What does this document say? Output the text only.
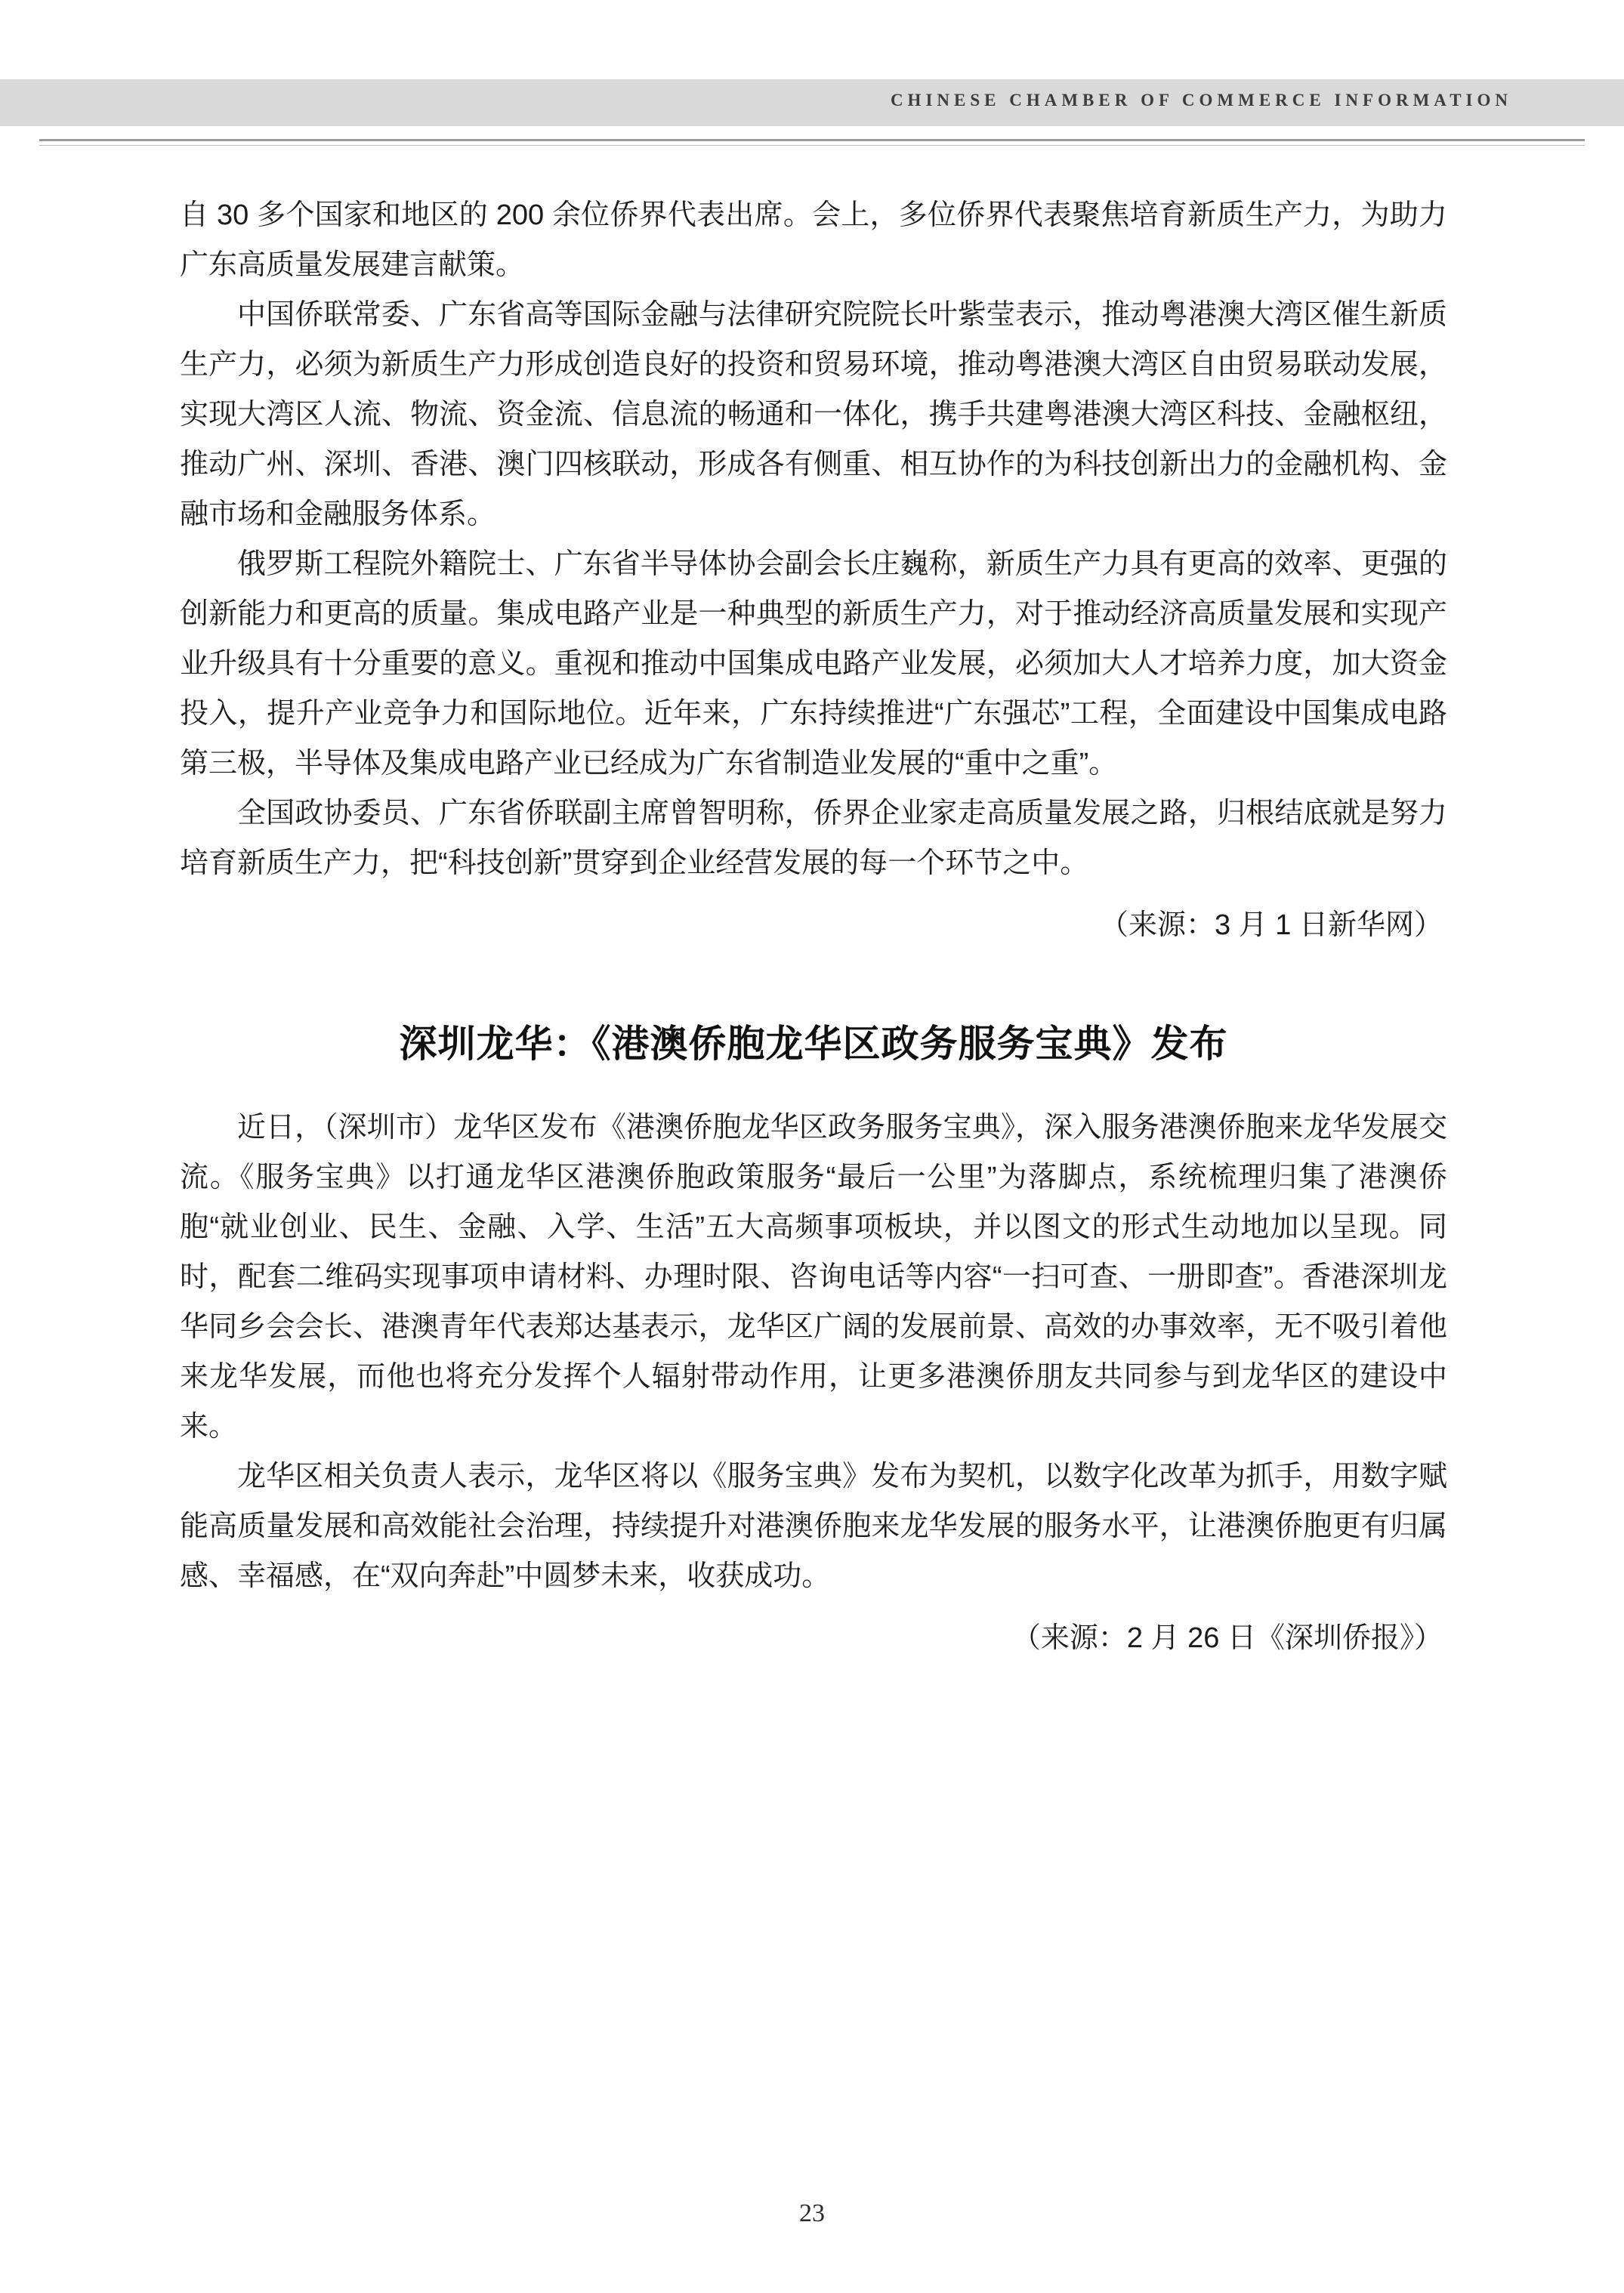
CHINESE CHAMBER OF COMMERCE INFORMATION

自 30 多个国家和地区的 200 余位侨界代表出席。会上，多位侨界代表聚焦培育新质生产力，为助力广东高质量发展建言献策。

中国侨联常委、广东省高等国际金融与法律研究院院长叶紫莹表示，推动粤港澳大湾区催生新质生产力，必须为新质生产力形成创造良好的投资和贸易环境，推动粤港澳大湾区自由贸易联动发展，实现大湾区人流、物流、资金流、信息流的畅通和一体化，携手共建粤港澳大湾区科技、金融枢纽，推动广州、深圳、香港、澳门四核联动，形成各有侧重、相互协作的为科技创新出力的金融机构、金融市场和金融服务体系。

俄罗斯工程院外籍院士、广东省半导体协会副会长庄巍称，新质生产力具有更高的效率、更强的创新能力和更高的质量。集成电路产业是一种典型的新质生产力，对于推动经济高质量发展和实现产业升级具有十分重要的意义。重视和推动中国集成电路产业发展，必须加大人才培养力度，加大资金投入，提升产业竞争力和国际地位。近年来，广东持续推进“广东强芯”工程，全面建设中国集成电路第三极，半导体及集成电路产业已经成为广东省制造业发展的“重中之重”。

全国政协委员、广东省侨联副主席曾智明称，侨界企业家走高质量发展之路，归根结底就是努力培育新质生产力，把“科技创新”贯穿到企业经营发展的每一个环节之中。

（来源：3 月 1 日新华网）

深圳龙华：《港澳侨胞龙华区政务服务宝典》发布

近日，（深圳市）龙华区发布《港澳侨胞龙华区政务服务宝典》，深入服务港澳侨胞来龙华发展交流。《服务宝典》以打通龙华区港澳侨胞政策服务“最后一公里”为落脚点，系统梳理归集了港澳侨胞“就业创业、民生、金融、入学、生活”五大高频事项板块，并以图文的形式生动地加以呈现。同时，配套二维码实现事项申请材料、办理时限、咨询电话等内容“一扫可查、一册即查”。香港深圳龙华同乡会会长、港澳青年代表郑达基表示，龙华区广阔的发展前景、高效的办事效率，无不吸引着他来龙华发展，而他也将充分发挥个人辐射带动作用，让更多港澳侨朋友共同参与到龙华区的建设中来。

龙华区相关负责人表示，龙华区将以《服务宝典》发布为契机，以数字化改革为抓手，用数字赋能高质量发展和高效能社会治理，持续提升对港澳侨胞来龙华发展的服务水平，让港澳侨胞更有归属感、幸福感，在“双向奔赴”中圆梦未来，收获成功。

（来源：2 月 26 日《深圳侨报》）

23
